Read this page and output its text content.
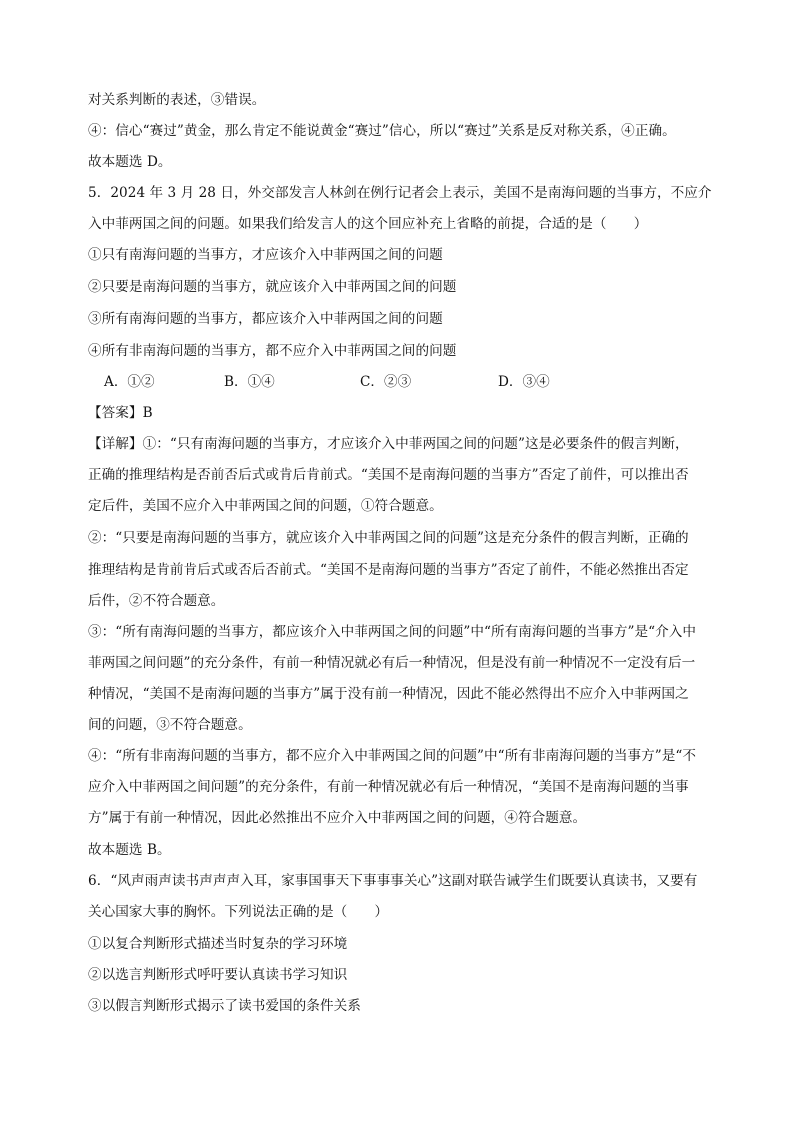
对关系判断的表述，③错误。
④：信心“赛过”黄金，那么肯定不能说黄金“赛过”信心，所以“赛过”关系是反对称关系，④正确。
故本题选 D。
5．2024 年 3 月 28 日，外交部发言人林剑在例行记者会上表示，美国不是南海问题的当事方，不应介
入中菲两国之间的问题。如果我们给发言人的这个回应补充上省略的前提，合适的是（　　）
①只有南海问题的当事方，才应该介入中菲两国之间的问题
②只要是南海问题的当事方，就应该介入中菲两国之间的问题
③所有南海问题的当事方，都应该介入中菲两国之间的问题
④所有非南海问题的当事方，都不应介入中菲两国之间的问题
A．①②	B．①④	C．②③	D．③④
【答案】B
【详解】①：“只有南海问题的当事方，才应该介入中菲两国之间的问题”这是必要条件的假言判断，
正确的推理结构是否前否后式或肯后肯前式。“美国不是南海问题的当事方”否定了前件，可以推出否
定后件，美国不应介入中菲两国之间的问题，①符合题意。
②：“只要是南海问题的当事方，就应该介入中菲两国之间的问题”这是充分条件的假言判断，正确的
推理结构是肯前肯后式或否后否前式。“美国不是南海问题的当事方”否定了前件，不能必然推出否定
后件，②不符合题意。
③：“所有南海问题的当事方，都应该介入中菲两国之间的问题”中“所有南海问题的当事方”是“介入中
菲两国之间问题”的充分条件，有前一种情况就必有后一种情况，但是没有前一种情况不一定没有后一
种情况，“美国不是南海问题的当事方”属于没有前一种情况，因此不能必然得出不应介入中菲两国之
间的问题，③不符合题意。
④：“所有非南海问题的当事方，都不应介入中菲两国之间的问题”中“所有非南海问题的当事方”是“不
应介入中菲两国之间问题”的充分条件，有前一种情况就必有后一种情况，“美国不是南海问题的当事
方”属于有前一种情况，因此必然推出不应介入中菲两国之间的问题，④符合题意。
故本题选 B。
6．“风声雨声读书声声声入耳，家事国事天下事事事关心”这副对联告诫学生们既要认真读书，又要有
关心国家大事的胸怀。下列说法正确的是（　　）
①以复合判断形式描述当时复杂的学习环境
②以选言判断形式呼吁要认真读书学习知识
③以假言判断形式揭示了读书爱国的条件关系
